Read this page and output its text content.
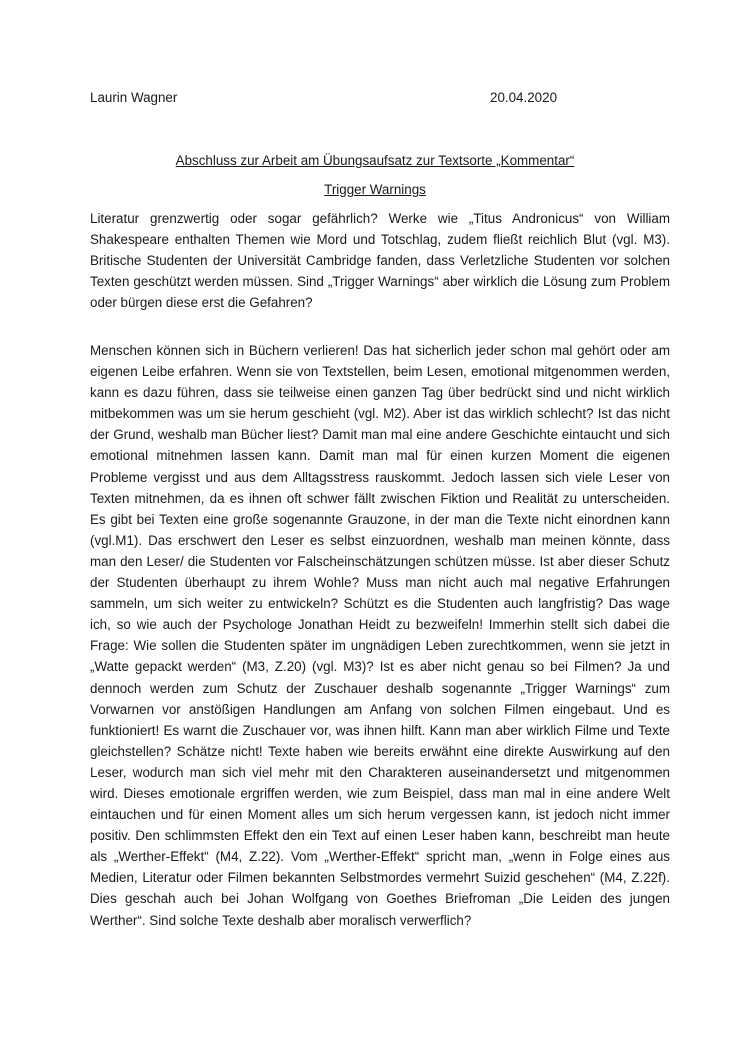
Laurin Wagner	20.04.2020
Abschluss zur Arbeit am Übungsaufsatz zur Textsorte „Kommentar“
Trigger Warnings

Literatur grenzwertig oder sogar gefährlich? Werke wie „Titus Andronicus“ von William Shakespeare enthalten Themen wie Mord und Totschlag, zudem fließt reichlich Blut (vgl. M3). Britische Studenten der Universität Cambridge fanden, dass Verletzliche Studenten vor solchen Texten geschützt werden müssen. Sind „Trigger Warnings“ aber wirklich die Lösung zum Problem oder bürgen diese erst die Gefahren?

Menschen können sich in Büchern verlieren! Das hat sicherlich jeder schon mal gehört oder am eigenen Leibe erfahren. Wenn sie von Textstellen, beim Lesen, emotional mitgenommen werden, kann es dazu führen, dass sie teilweise einen ganzen Tag über bedrückt sind und nicht wirklich mitbekommen was um sie herum geschieht (vgl. M2). Aber ist das wirklich schlecht? Ist das nicht der Grund, weshalb man Bücher liest? Damit man mal eine andere Geschichte eintaucht und sich emotional mitnehmen lassen kann. Damit man mal für einen kurzen Moment die eigenen Probleme vergisst und aus dem Alltagsstress rauskommt. Jedoch lassen sich viele Leser von Texten mitnehmen, da es ihnen oft schwer fällt zwischen Fiktion und Realität zu unterscheiden. Es gibt bei Texten eine große sogenannte Grauzone, in der man die Texte nicht einordnen kann (vgl.M1). Das erschwert den Leser es selbst einzuordnen, weshalb man meinen könnte, dass man den Leser/ die Studenten vor Falscheinschätzungen schützen müsse. Ist aber dieser Schutz der Studenten überhaupt zu ihrem Wohle? Muss man nicht auch mal negative Erfahrungen sammeln, um sich weiter zu entwickeln? Schützt es die Studenten auch langfristig? Das wage ich, so wie auch der Psychologe Jonathan Heidt zu bezweifeln! Immerhin stellt sich dabei die Frage: Wie sollen die Studenten später im ungnädigen Leben zurechtkommen, wenn sie jetzt in „Watte gepackt werden“ (M3, Z.20) (vgl. M3)? Ist es aber nicht genau so bei Filmen? Ja und dennoch werden zum Schutz der Zuschauer deshalb sogenannte „Trigger Warnings“ zum Vorwarnen vor anstößigen Handlungen am Anfang von solchen Filmen eingebaut. Und es funktioniert! Es warnt die Zuschauer vor, was ihnen hilft. Kann man aber wirklich Filme und Texte gleichstellen? Schätze nicht! Texte haben wie bereits erwähnt eine direkte Auswirkung auf den Leser, wodurch man sich viel mehr mit den Charakteren auseinandersetzt und mitgenommen wird. Dieses emotionale ergriffen werden, wie zum Beispiel, dass man mal in eine andere Welt eintauchen und für einen Moment alles um sich herum vergessen kann, ist jedoch nicht immer positiv. Den schlimmsten Effekt den ein Text auf einen Leser haben kann, beschreibt man heute als „Werther-Effekt“ (M4, Z.22). Vom „Werther-Effekt“ spricht man, „wenn in Folge eines aus Medien, Literatur oder Filmen bekannten Selbstmordes vermehrt Suizid geschehen“ (M4, Z.22f). Dies geschah auch bei Johan Wolfgang von Goethes Briefroman „Die Leiden des jungen Werther“. Sind solche Texte deshalb aber moralisch verwerflich?
